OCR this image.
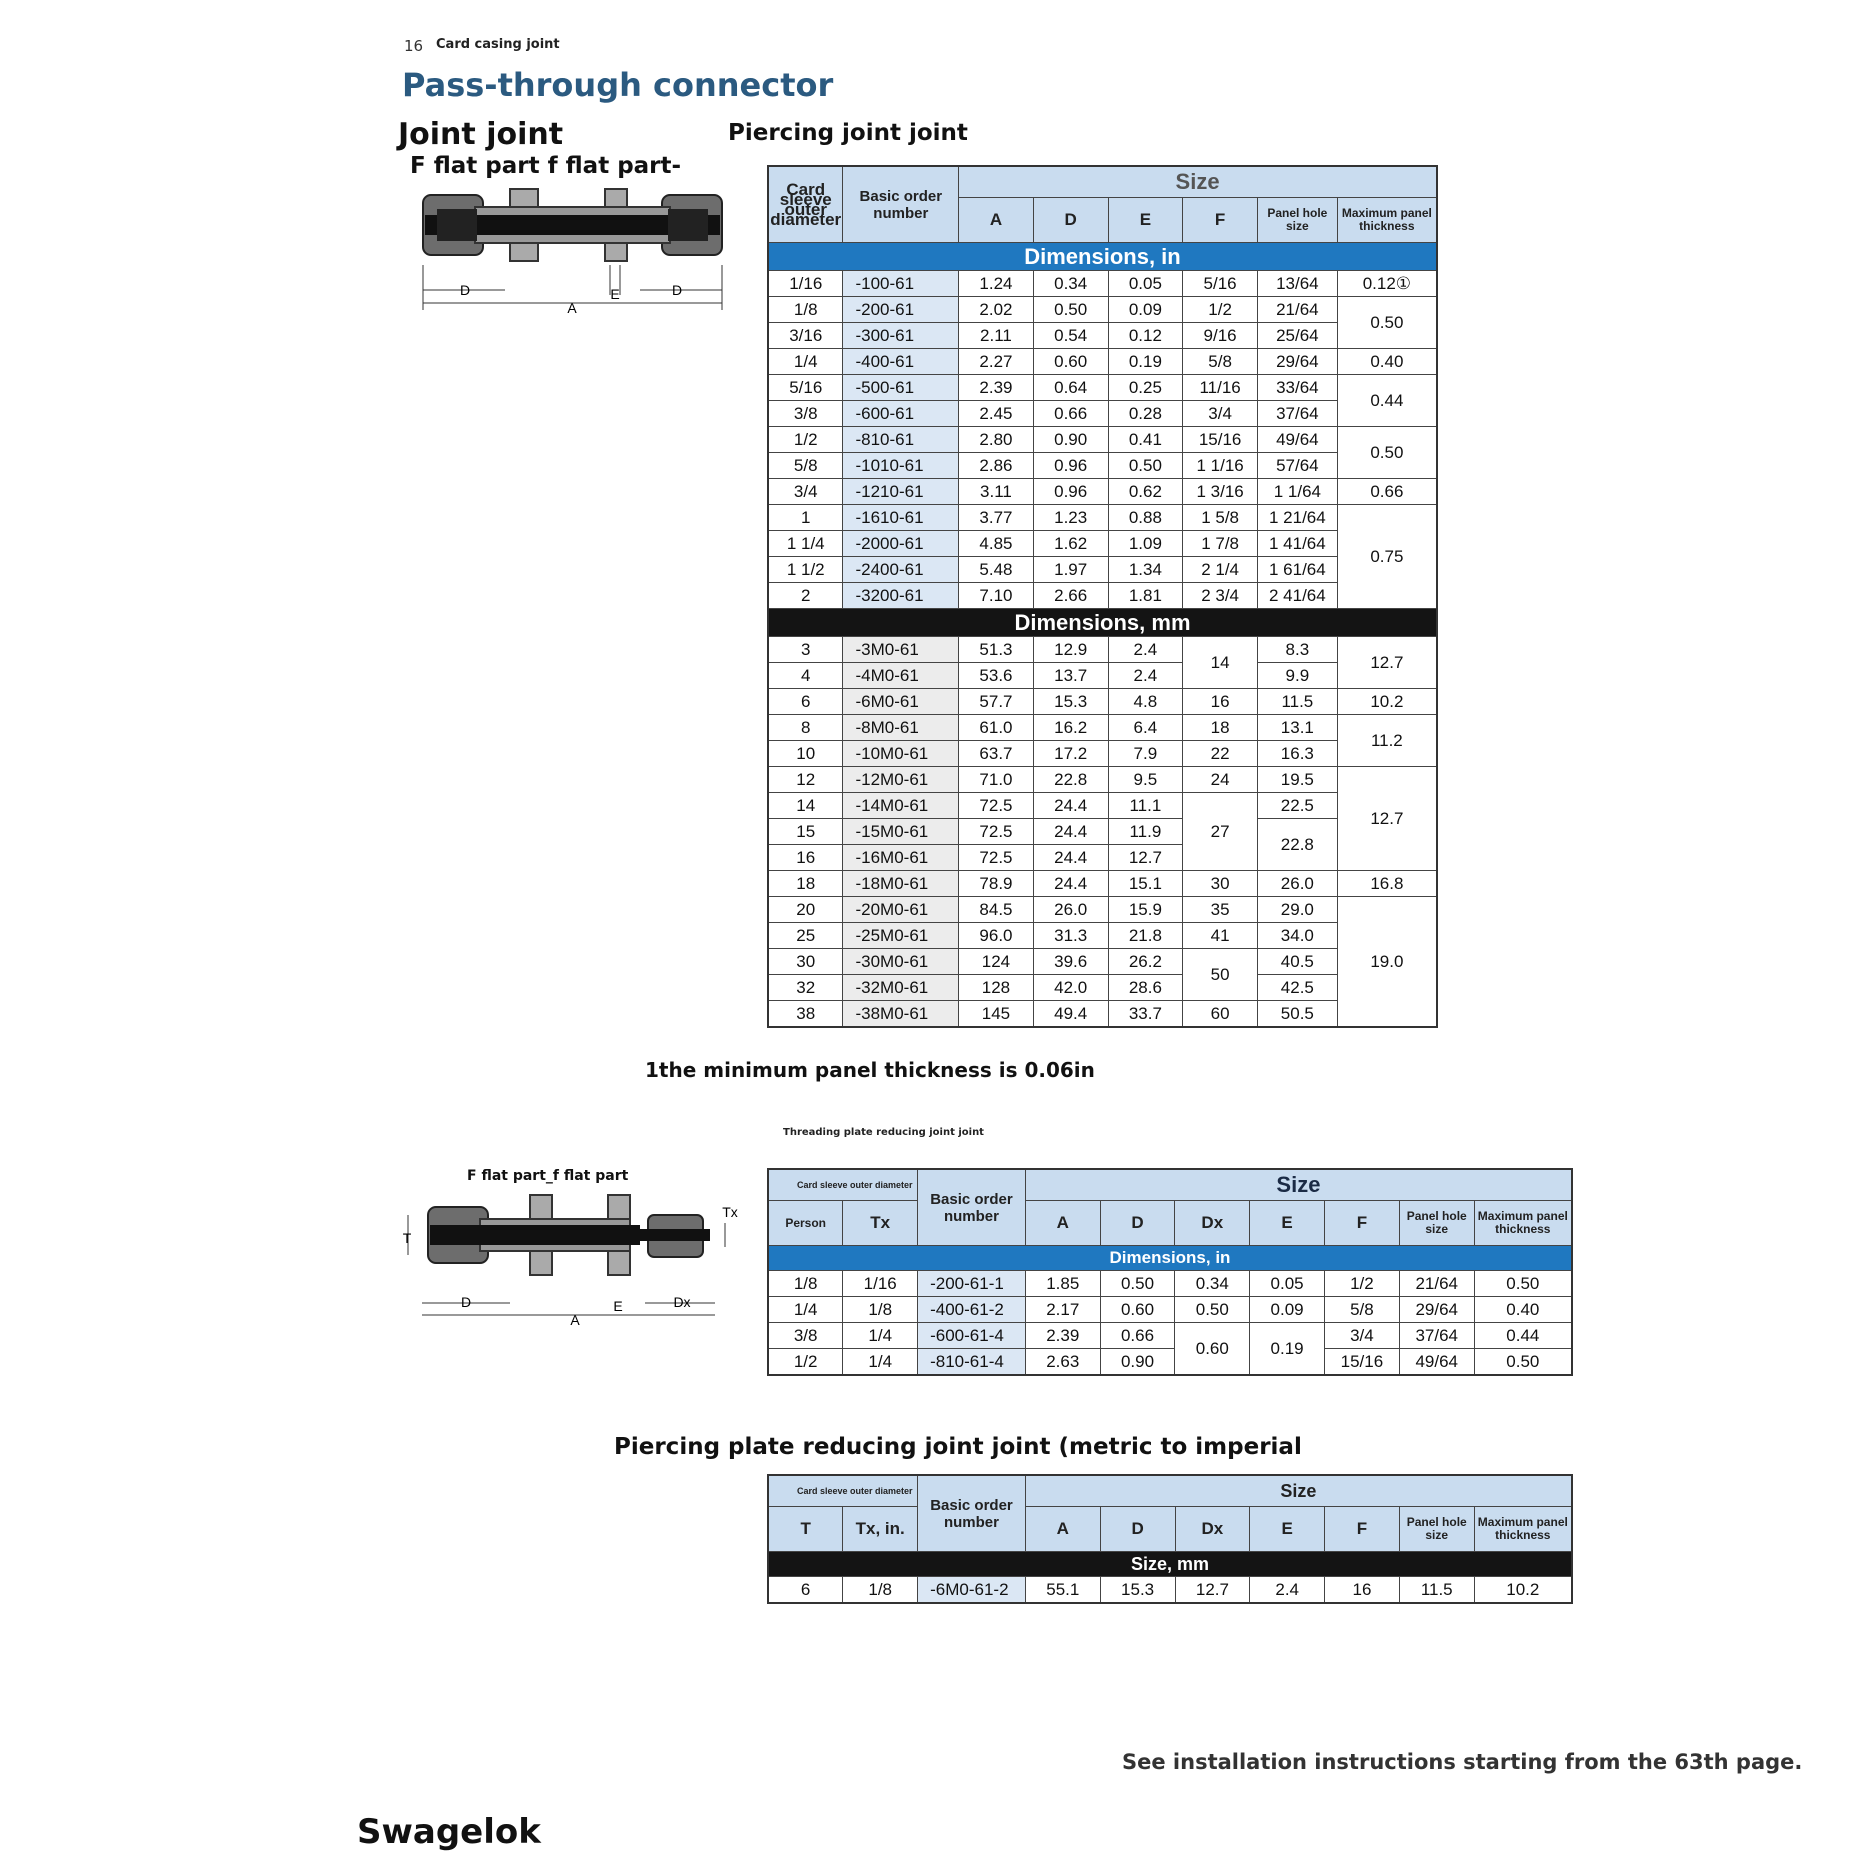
16 Card casing joint
Pass-through connector
Joint joint
F flat part f flat part-
Piercing joint joint
D	D
A
E
Card sleeve outer diameter	Basic order number	Size					
		A	D	E	F	Panel hole size	Maximum panel thickness
Dimensions, in							
1/16	-100-61	1.24	0.34	0.05	5/16	13/64	0.12①
1/8	-200-61	2.02	0.50	0.09	1/2	21/64	0.50
3/16	-300-61	2.11	0.54	0.12	9/16	25/64	
1/4	-400-61	2.27	0.60	0.19	5/8	29/64	0.40
5/16	-500-61	2.39	0.64	0.25	11/16	33/64	0.44
3/8	-600-61	2.45	0.66	0.28	3/4	37/64	
1/2	-810-61	2.80	0.90	0.41	15/16	49/64	0.50
5/8	-1010-61	2.86	0.96	0.50	1 1/16	57/64	
3/4	-1210-61	3.11	0.96	0.62	1 3/16	1 1/64	0.66
1	-1610-61	3.77	1.23	0.88	1 5/8	1 21/64	0.75
1 1/4	-2000-61	4.85	1.62	1.09	1 7/8	1 41/64	
1 1/2	-2400-61	5.48	1.97	1.34	2 1/4	1 61/64	
2	-3200-61	7.10	2.66	1.81	2 3/4	2 41/64	
Dimensions, mm							
3	-3M0-61	51.3	12.9	2.4	14	8.3	12.7
4	-4M0-61	53.6	13.7	2.4		9.9	
6	-6M0-61	57.7	15.3	4.8	16	11.5	10.2
8	-8M0-61	61.0	16.2	6.4	18	13.1	11.2
10	-10M0-61	63.7	17.2	7.9	22	16.3	
12	-12M0-61	71.0	22.8	9.5	24	19.5	12.7
14	-14M0-61	72.5	24.4	11.1	27	22.5	
15	-15M0-61	72.5	24.4	11.9		22.8	
16	-16M0-61	72.5	24.4	12.7			
18	-18M0-61	78.9	24.4	15.1	30	26.0	16.8
20	-20M0-61	84.5	26.0	15.9	35	29.0	19.0
25	-25M0-61	96.0	31.3	21.8	41	34.0	
30	-30M0-61	124	39.6	26.2	50	40.5	
32	-32M0-61	128	42.0	28.6		42.5	
38	-38M0-61	145	49.4	33.7	60	50.5	
1the minimum panel thickness is 0.06in
Threading plate reducing joint joint
F flat part_f flat part
T
Tx
D
A
E	Dx
Card sleeve outer diameter		Basic order number	Size						
Person	Tx		A	D	Dx	E	F	Panel hole size	Maximum panel thickness
Dimensions, in									
1/8	1/16	-200-61-1	1.85	0.50	0.34	0.05	1/2	21/64	0.50
1/4	1/8	-400-61-2	2.17	0.60	0.50	0.09	5/8	29/64	0.40
3/8	1/4	-600-61-4	2.39	0.66	0.60	0.19	3/4	37/64	0.44
1/2	1/4	-810-61-4	2.63	0.90			15/16	49/64	0.50
Piercing plate reducing joint joint (metric to imperial
Card sleeve outer diameter		Basic order number	Size						
T	Tx, in.		A	D	Dx	E	F	Panel hole size	Maximum panel thickness
Size, mm									
6	1/8	-6M0-61-2	55.1	15.3	12.7	2.4	16	11.5	10.2
See installation instructions starting from the 63th page.
Swagelok
